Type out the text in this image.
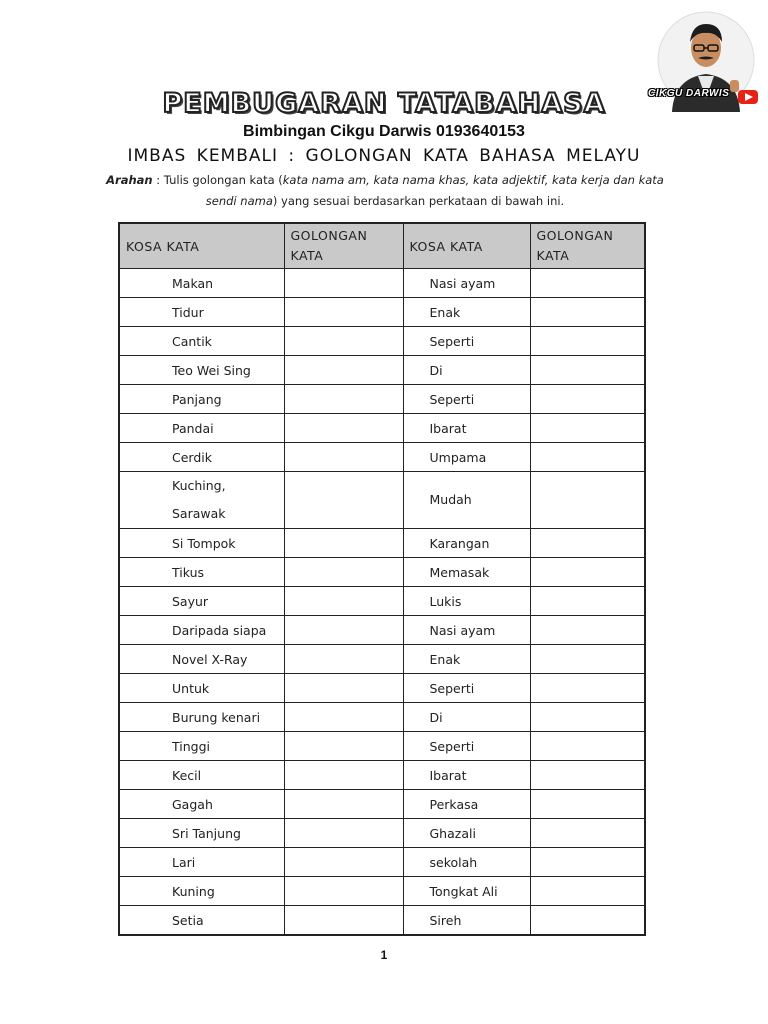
CIKGU DARWIS
PEMBUGARAN TATABAHASA
Bimbingan Cikgu Darwis 0193640153
IMBAS KEMBALI : GOLONGAN KATA BAHASA MELAYU
Arahan : Tulis golongan kata (kata nama am, kata nama khas, kata adjektif, kata kerja dan kata sendi nama) yang sesuai berdasarkan perkataan di bawah ini.
KOSA KATA	GOLONGAN KATA	KOSA KATA	GOLONGAN KATA
Makan		Nasi ayam	
Tidur		Enak	
Cantik		Seperti	
Teo Wei Sing		Di	
Panjang		Seperti	
Pandai		Ibarat	
Cerdik		Umpama	
Kuching,
Sarawak		Mudah	
Si Tompok		Karangan	
Tikus		Memasak	
Sayur		Lukis	
Daripada siapa		Nasi ayam	
Novel X-Ray		Enak	
Untuk		Seperti	
Burung kenari		Di	
Tinggi		Seperti	
Kecil		Ibarat	
Gagah		Perkasa	
Sri Tanjung		Ghazali	
Lari		sekolah	
Kuning		Tongkat Ali	
Setia		Sireh	
1
